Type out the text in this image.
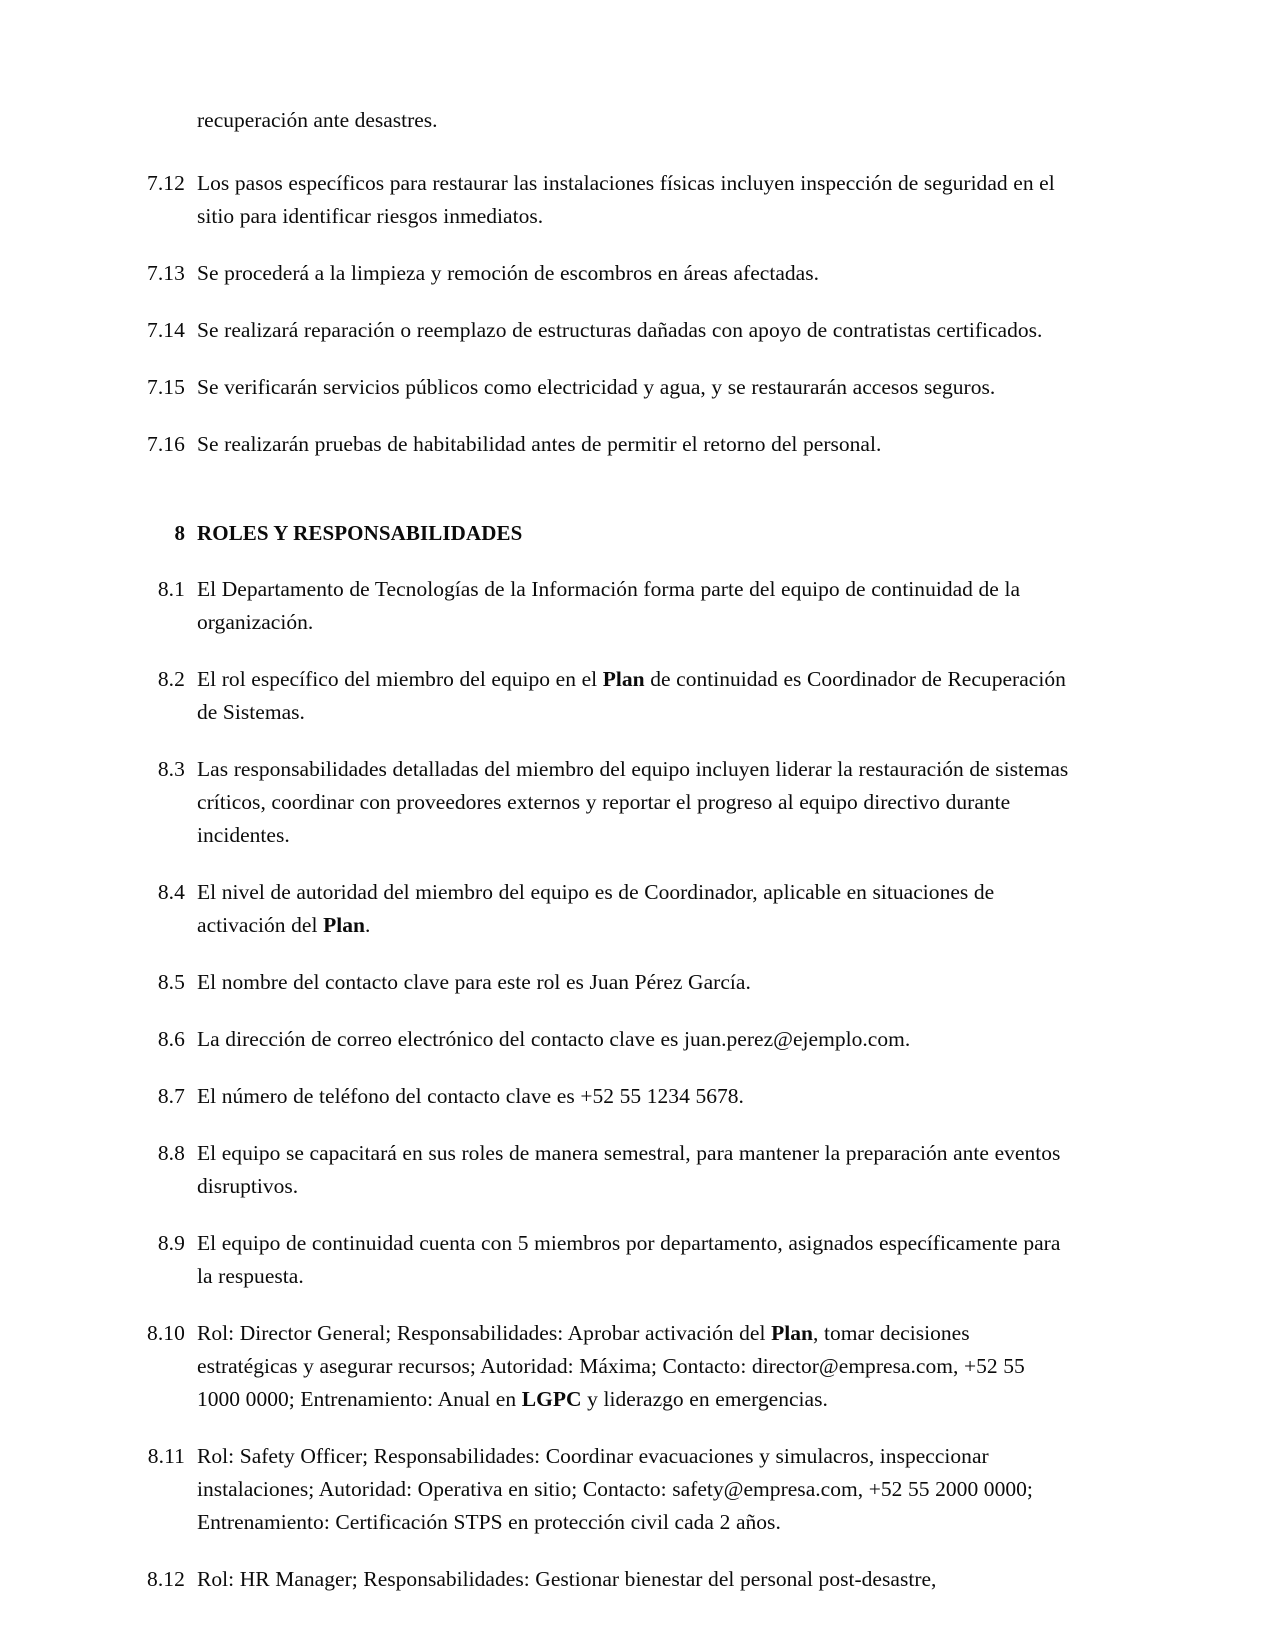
recuperación ante desastres.
7.12 Los pasos específicos para restaurar las instalaciones físicas incluyen inspección de seguridad en el sitio para identificar riesgos inmediatos.
7.13 Se procederá a la limpieza y remoción de escombros en áreas afectadas.
7.14 Se realizará reparación o reemplazo de estructuras dañadas con apoyo de contratistas certificados.
7.15 Se verificarán servicios públicos como electricidad y agua, y se restaurarán accesos seguros.
7.16 Se realizarán pruebas de habitabilidad antes de permitir el retorno del personal.
8 ROLES Y RESPONSABILIDADES
8.1 El Departamento de Tecnologías de la Información forma parte del equipo de continuidad de la organización.
8.2 El rol específico del miembro del equipo en el Plan de continuidad es Coordinador de Recuperación de Sistemas.
8.3 Las responsabilidades detalladas del miembro del equipo incluyen liderar la restauración de sistemas críticos, coordinar con proveedores externos y reportar el progreso al equipo directivo durante incidentes.
8.4 El nivel de autoridad del miembro del equipo es de Coordinador, aplicable en situaciones de activación del Plan.
8.5 El nombre del contacto clave para este rol es Juan Pérez García.
8.6 La dirección de correo electrónico del contacto clave es juan.perez@ejemplo.com.
8.7 El número de teléfono del contacto clave es +52 55 1234 5678.
8.8 El equipo se capacitará en sus roles de manera semestral, para mantener la preparación ante eventos disruptivos.
8.9 El equipo de continuidad cuenta con 5 miembros por departamento, asignados específicamente para la respuesta.
8.10 Rol: Director General; Responsabilidades: Aprobar activación del Plan, tomar decisiones estratégicas y asegurar recursos; Autoridad: Máxima; Contacto: director@empresa.com, +52 55 1000 0000; Entrenamiento: Anual en LGPC y liderazgo en emergencias.
8.11 Rol: Safety Officer; Responsabilidades: Coordinar evacuaciones y simulacros, inspeccionar instalaciones; Autoridad: Operativa en sitio; Contacto: safety@empresa.com, +52 55 2000 0000; Entrenamiento: Certificación STPS en protección civil cada 2 años.
8.12 Rol: HR Manager; Responsabilidades: Gestionar bienestar del personal post-desastre,
